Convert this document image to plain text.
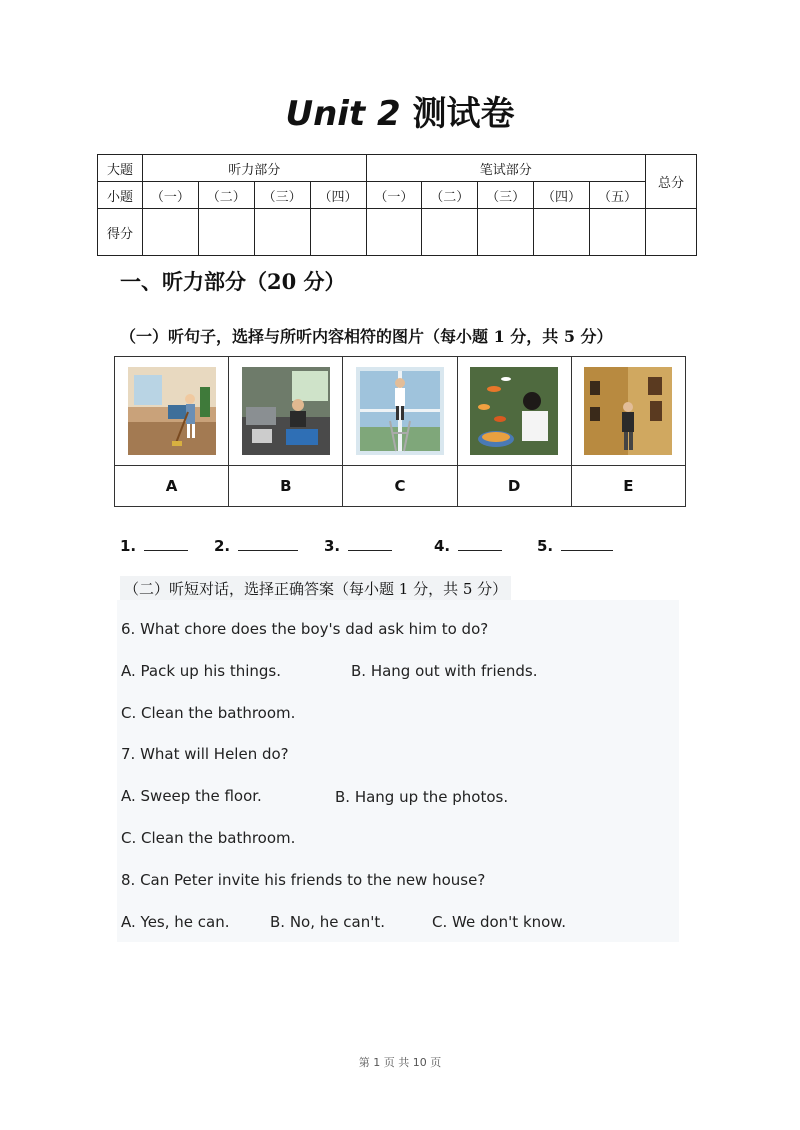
Unit 2 测试卷
大题	听力部分				笔试部分					总分
小题	（一）	（二）	（三）	（四）	（一）	（二）	（三）	（四）	（五）	
得分										
一、听力部分（20 分）
（一）听句子，选择与所听内容相符的图片（每小题 1 分，共 5 分）

A	B	C	D	E
1.	2.	3.	4.	5.
（二）听短对话，选择正确答案（每小题 1 分，共 5 分）
6. What chore does the boy's dad ask him to do?
A. Pack up his things.	B. Hang out with friends.
C. Clean the bathroom.
7. What will Helen do?
A. Sweep the floor.	B. Hang up the photos.
C. Clean the bathroom.
8. Can Peter invite his friends to the new house?
A. Yes, he can.	B. No, he can't.	C. We don't know.
第 1 页 共 10 页
